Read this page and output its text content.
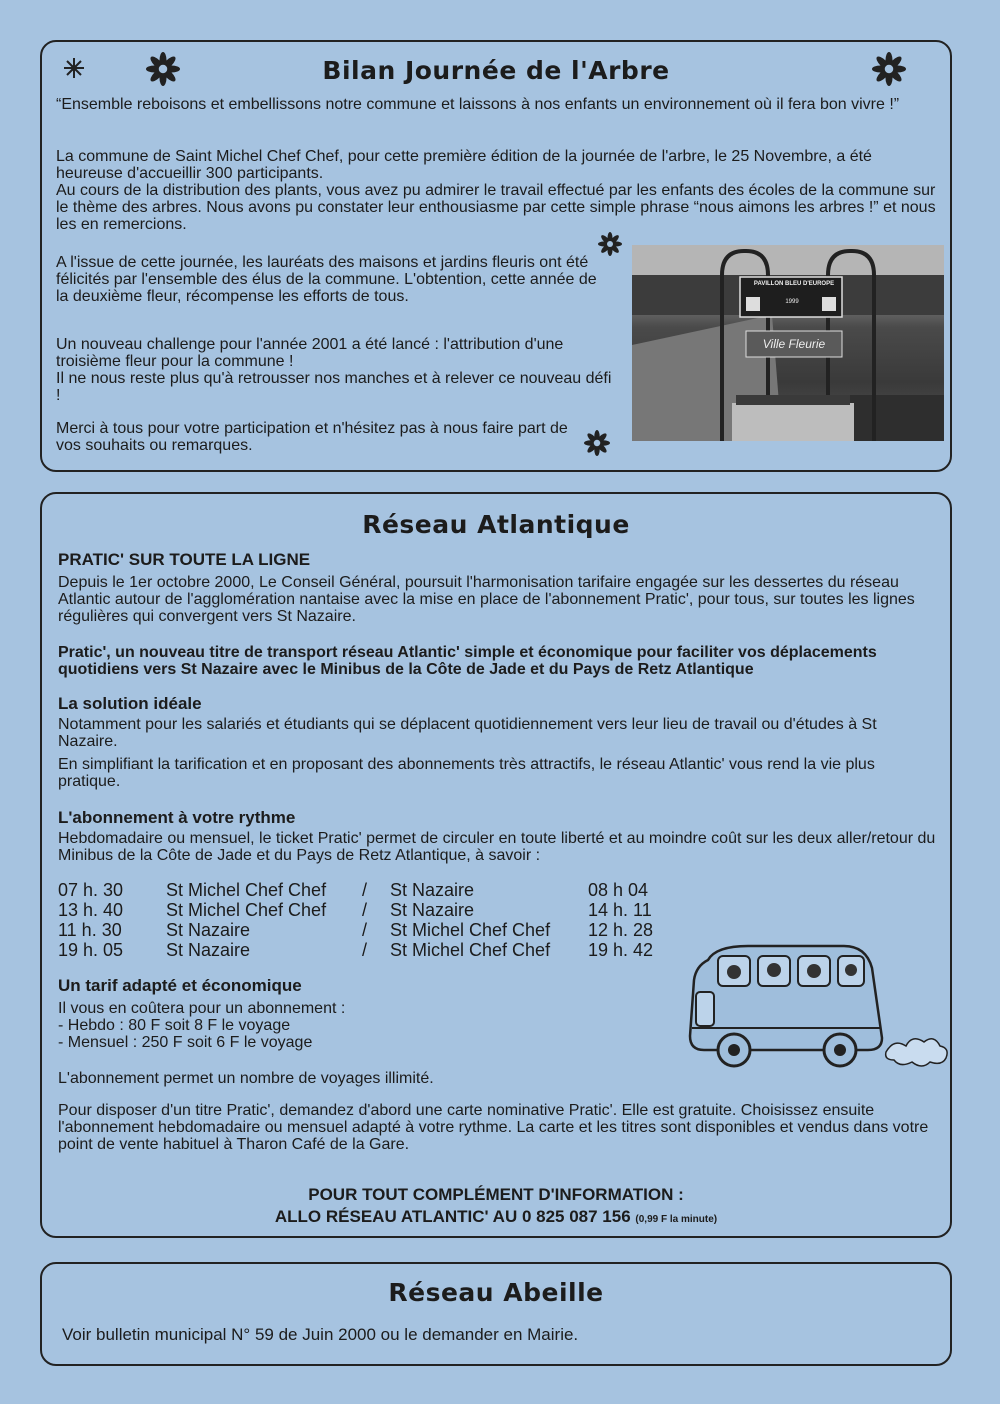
Bilan Journée de l'Arbre
“Ensemble reboisons et embellissons notre commune et laissons à nos enfants un environnement où il fera bon vivre !”
La commune de Saint Michel Chef Chef, pour cette première édition de la journée de l'arbre, le 25 Novembre, a été heureuse d'accueillir 300 participants.
Au cours de la distribution des plants, vous avez pu admirer le travail effectué par les enfants des écoles de la commune sur le thème des arbres. Nous avons pu constater leur enthousiasme par cette simple phrase “nous aimons les arbres !” et nous les en remercions.
A l'issue de cette journée, les lauréats des maisons et jardins fleuris ont été félicités par l'ensemble des élus de la commune. L'obtention, cette année de la deuxième fleur, récompense les efforts de tous.

Un nouveau challenge pour l'année 2001 a été lancé : l'attribution d'une troisième fleur pour la commune !

Il ne nous reste plus qu'à retrousser nos manches et à relever ce nouveau défi !

Merci à tous pour votre participation et n'hésitez pas à nous faire part de vos souhaits ou remarques.
PAVILLON BLEU D'EUROPE
1999
Ville Fleurie
Réseau Atlantique
PRATIC' SUR TOUTE LA LIGNE
Depuis le 1er octobre 2000, Le Conseil Général, poursuit l'harmonisation tarifaire engagée sur les dessertes du réseau Atlantic autour de l'agglomération nantaise avec la mise en place de l'abonnement Pratic', pour tous, sur toutes les lignes régulières qui convergent vers St Nazaire.
Pratic', un nouveau titre de transport réseau Atlantic' simple et économique pour faciliter vos déplacements quotidiens vers St Nazaire avec le Minibus de la Côte de Jade et du Pays de Retz Atlantique
La solution idéale
Notamment pour les salariés et étudiants qui se déplacent quotidiennement vers leur lieu de travail ou d'études à St Nazaire.
En simplifiant la tarification et en proposant des abonnements très attractifs, le réseau Atlantic' vous rend la vie plus pratique.
L'abonnement à votre rythme
Hebdomadaire ou mensuel, le ticket Pratic' permet de circuler en toute liberté et au moindre coût sur les deux aller/retour du Minibus de la Côte de Jade et du Pays de Retz Atlantique, à savoir :
07 h. 30 St Michel Chef Chef / St Nazaire	08 h 04
13 h. 40 St Michel Chef Chef / St Nazaire	14 h. 11
11 h. 30 St Nazaire	/ St Michel Chef Chef 12 h. 28
19 h. 05 St Nazaire	/ St Michel Chef Chef 19 h. 42
Un tarif adapté et économique

Il vous en coûtera pour un abonnement :

- Hebdo : 80 F soit 8 F le voyage

- Mensuel : 250 F soit 6 F le voyage

L'abonnement permet un nombre de voyages illimité.
Pour disposer d'un titre Pratic', demandez d'abord une carte nominative Pratic'. Elle est gratuite. Choisissez ensuite l'abonnement hebdomadaire ou mensuel adapté à votre rythme. La carte et les titres sont disponibles et vendus dans votre point de vente habituel à Tharon Café de la Gare.
POUR TOUT COMPLÉMENT D'INFORMATION :
ALLO RÉSEAU ATLANTIC' AU 0 825 087 156 (0,99 F la minute)
Réseau Abeille
Voir bulletin municipal N° 59 de Juin 2000 ou le demander en Mairie.
